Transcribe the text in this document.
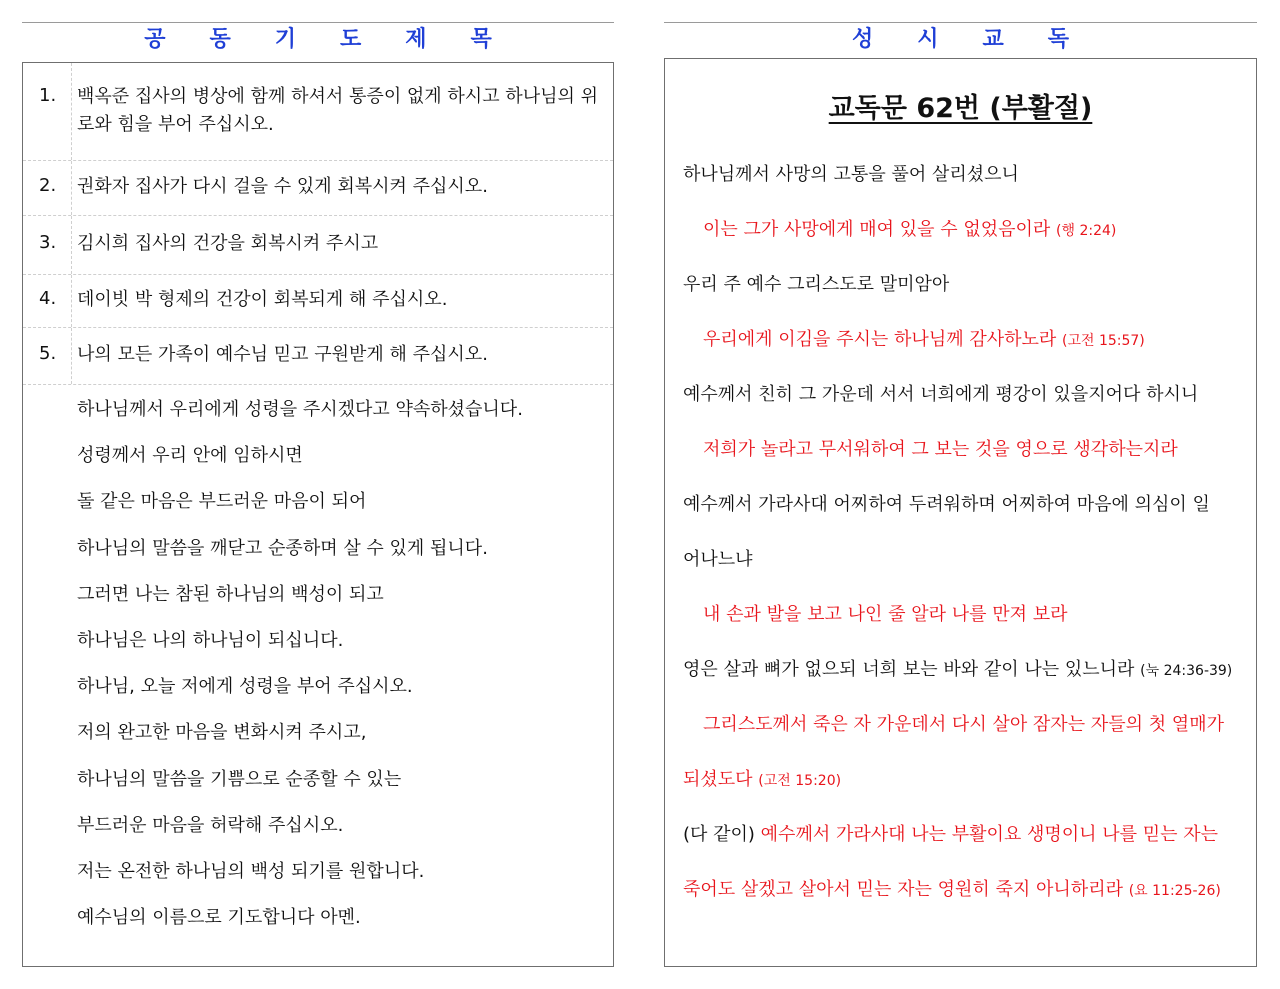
공  동  기  도  제  목
1. 백옥준 집사의 병상에 함께 하셔서 통증이 없게 하시고 하나님의 위로와 힘을 부어 주십시오.
2. 권화자 집사가 다시 걸을 수 있게 회복시켜 주십시오.
3. 김시희 집사의 건강을 회복시켜 주시고
4. 데이빗 박 형제의 건강이 회복되게 해 주십시오.
5. 나의 모든 가족이 예수님 믿고 구원받게 해 주십시오.
하나님께서 우리에게 성령을 주시겠다고 약속하셨습니다.
성령께서 우리 안에 임하시면
돌 같은 마음은 부드러운 마음이 되어
하나님의 말씀을 깨닫고 순종하며 살 수 있게 됩니다.
그러면 나는 참된 하나님의 백성이 되고
하나님은 나의 하나님이 되십니다.
하나님, 오늘 저에게 성령을 부어 주십시오.
저의 완고한 마음을 변화시켜 주시고,
하나님의 말씀을 기쁨으로 순종할 수 있는
부드러운 마음을 허락해 주십시오.
저는 온전한 하나님의 백성 되기를 원합니다.
예수님의 이름으로 기도합니다 아멘.
성  시  교  독
교독문 62번 (부활절)
하나님께서 사망의 고통을 풀어 살리셨으니
이는 그가 사망에게 매여 있을 수 없었음이라 (행 2:24)
우리 주 예수 그리스도로 말미암아
우리에게 이김을 주시는 하나님께 감사하노라 (고전 15:57)
예수께서 친히 그 가운데 서서 너희에게 평강이 있을지어다 하시니
저희가 놀라고 무서워하여 그 보는 것을 영으로 생각하는지라
예수께서 가라사대 어찌하여 두려워하며 어찌하여 마음에 의심이 일
어나느냐
내 손과 발을 보고 나인 줄 알라 나를 만져 보라
영은 살과 뼈가 없으되 너희 보는 바와 같이 나는 있느니라 (눅 24:36-39)
그리스도께서 죽은 자 가운데서 다시 살아 잠자는 자들의 첫 열매가
되셨도다 (고전 15:20)
(다 같이) 예수께서 가라사대 나는 부활이요 생명이니 나를 믿는 자는
죽어도 살겠고 살아서 믿는 자는 영원히 죽지 아니하리라 (요 11:25-26)
